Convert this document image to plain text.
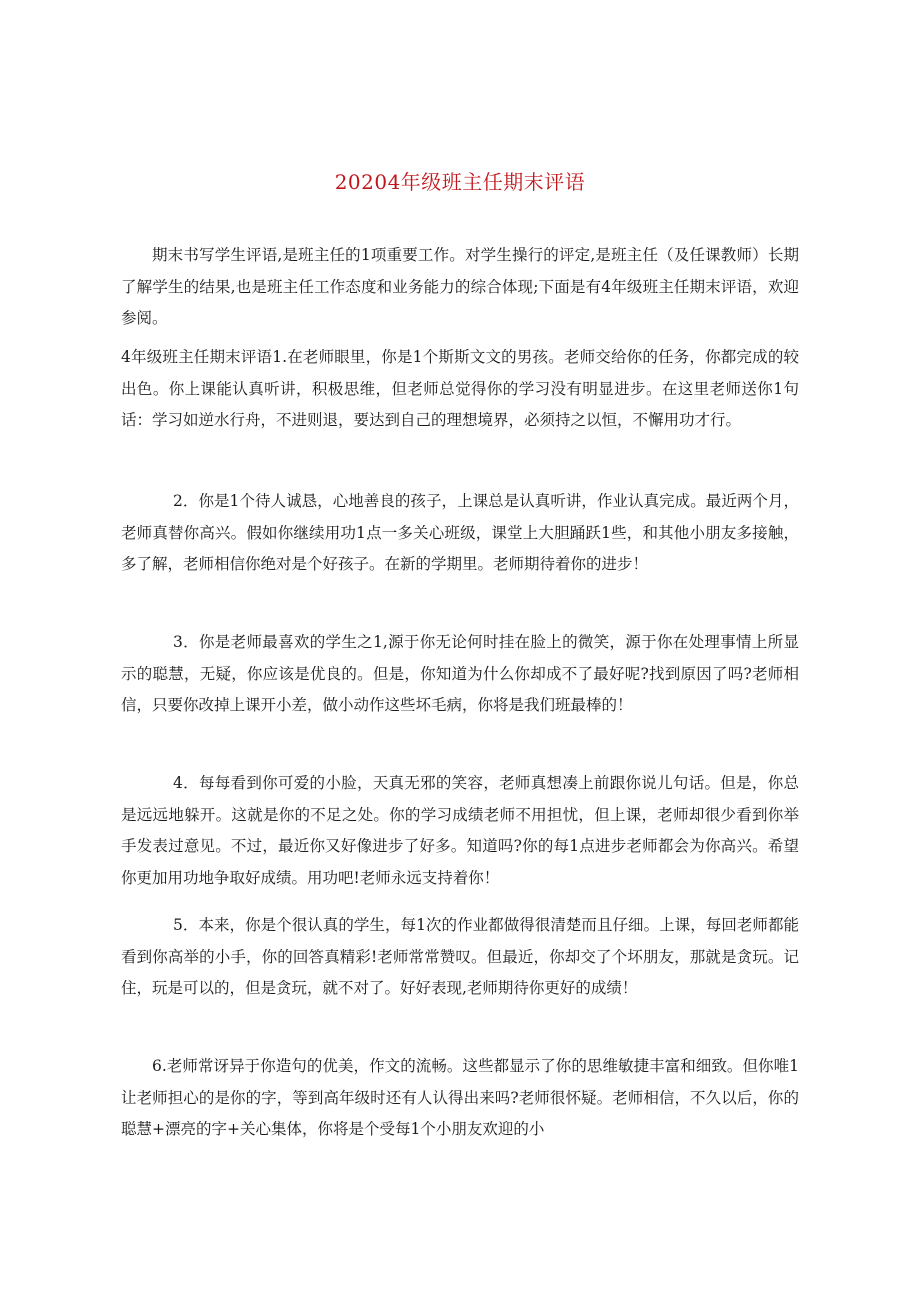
20204年级班主任期末评语

期末书写学生评语,是班主任的1项重要工作。对学生操行的评定,是班主任（及任课教师）长期了解学生的结果,也是班主任工作态度和业务能力的综合体现;下面是有4年级班主任期末评语，欢迎参阅。

4年级班主任期末评语1.在老师眼里，你是1个斯斯文文的男孩。老师交给你的任务，你都完成的较出色。你上课能认真听讲，积极思维，但老师总觉得你的学习没有明显进步。在这里老师送你1句话：学习如逆水行舟，不进则退，要达到自己的理想境界，必须持之以恒，不懈用功才行。

2．你是1个待人诚恳，心地善良的孩子，上课总是认真听讲，作业认真完成。最近两个月，老师真替你高兴。假如你继续用功1点一多关心班级，课堂上大胆踊跃1些，和其他小朋友多接触，多了解，老师相信你绝对是个好孩子。在新的学期里。老师期待着你的进步！

3．你是老师最喜欢的学生之1,源于你无论何时挂在脸上的微笑，源于你在处理事情上所显示的聪慧，无疑，你应该是优良的。但是，你知道为什么你却成不了最好呢?找到原因了吗?老师相信，只要你改掉上课开小差，做小动作这些坏毛病，你将是我们班最棒的！

4．每每看到你可爱的小脸，天真无邪的笑容，老师真想凑上前跟你说儿句话。但是，你总是远远地躲开。这就是你的不足之处。你的学习成绩老师不用担忧，但上课，老师却很少看到你举手发表过意见。不过，最近你又好像进步了好多。知道吗?你的每1点进步老师都会为你高兴。希望你更加用功地争取好成绩。用功吧!老师永远支持着你！

5．本来，你是个很认真的学生，每1次的作业都做得很清楚而且仔细。上课，每回老师都能看到你高举的小手，你的回答真精彩!老师常常赞叹。但最近，你却交了个坏朋友，那就是贪玩。记住，玩是可以的，但是贪玩，就不对了。好好表现,老师期待你更好的成绩！

6.老师常讶异于你造句的优美，作文的流畅。这些都显示了你的思维敏捷丰富和细致。但你唯1让老师担心的是你的字，等到高年级时还有人认得出来吗?老师很怀疑。老师相信，不久以后，你的聪慧+漂亮的字+关心集体，你将是个受每1个小朋友欢迎的小
